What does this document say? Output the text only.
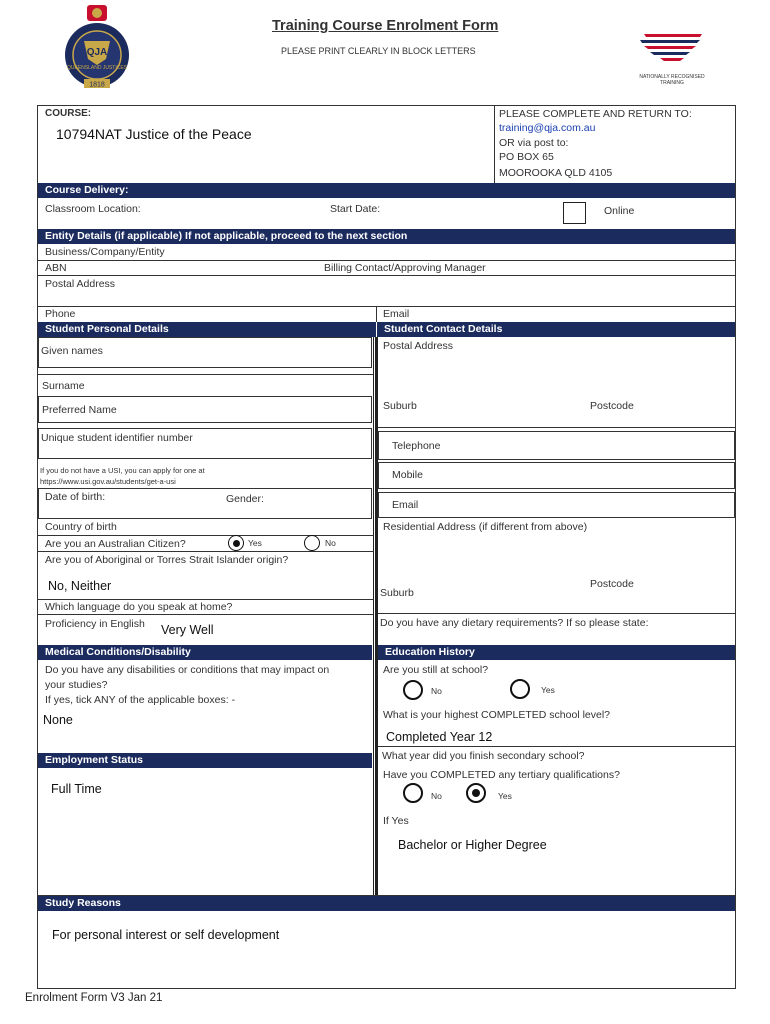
QJA
1818
QUEENSLAND JUSTICES
Training Course Enrolment Form
PLEASE PRINT CLEARLY IN BLOCK LETTERS
NATIONALLY RECOGNISED TRAINING
COURSE:
10794NAT Justice of the Peace
PLEASE COMPLETE AND RETURN TO:
training@qja.com.au
OR via post to:
PO BOX 65
MOOROOKA QLD 4105
Course Delivery:
Classroom Location:	Start Date:	Online
Entity Details (if applicable) If not applicable, proceed to the next section
Business/Company/Entity
ABN	Billing Contact/Approving Manager
Postal Address
Phone	Email
Student Personal Details	Student Contact Details
Given names
Surname
Preferred Name
Unique student identifier number
If you do not have a USI, you can apply for one at
https://www.usi.gov.au/students/get-a-usi
Date of birth:	Gender:
Country of birth
Are you an Australian Citizen?	Yes	No
Are you of Aboriginal or Torres Strait Islander origin?
No, Neither
Which language do you speak at home?
Proficiency in English Very Well
Postal Address
Suburb	Postcode
Telephone
Mobile
Email
Residential Address (if different from above)
Suburb
Postcode
Do you have any dietary requirements? If so please state:
Medical Conditions/Disability	Education History
Do you have any disabilities or conditions that may impact on
your studies?
If yes, tick ANY of the applicable boxes: -
None
Are you still at school?
No	Yes
What is your highest COMPLETED school level?
Completed Year 12
What year did you finish secondary school?
Have you COMPLETED any tertiary qualifications?
No	Yes
If Yes
Bachelor or Higher Degree
Employment Status
Full Time
Study Reasons
For personal interest or self development
Enrolment Form V3 Jan 21
